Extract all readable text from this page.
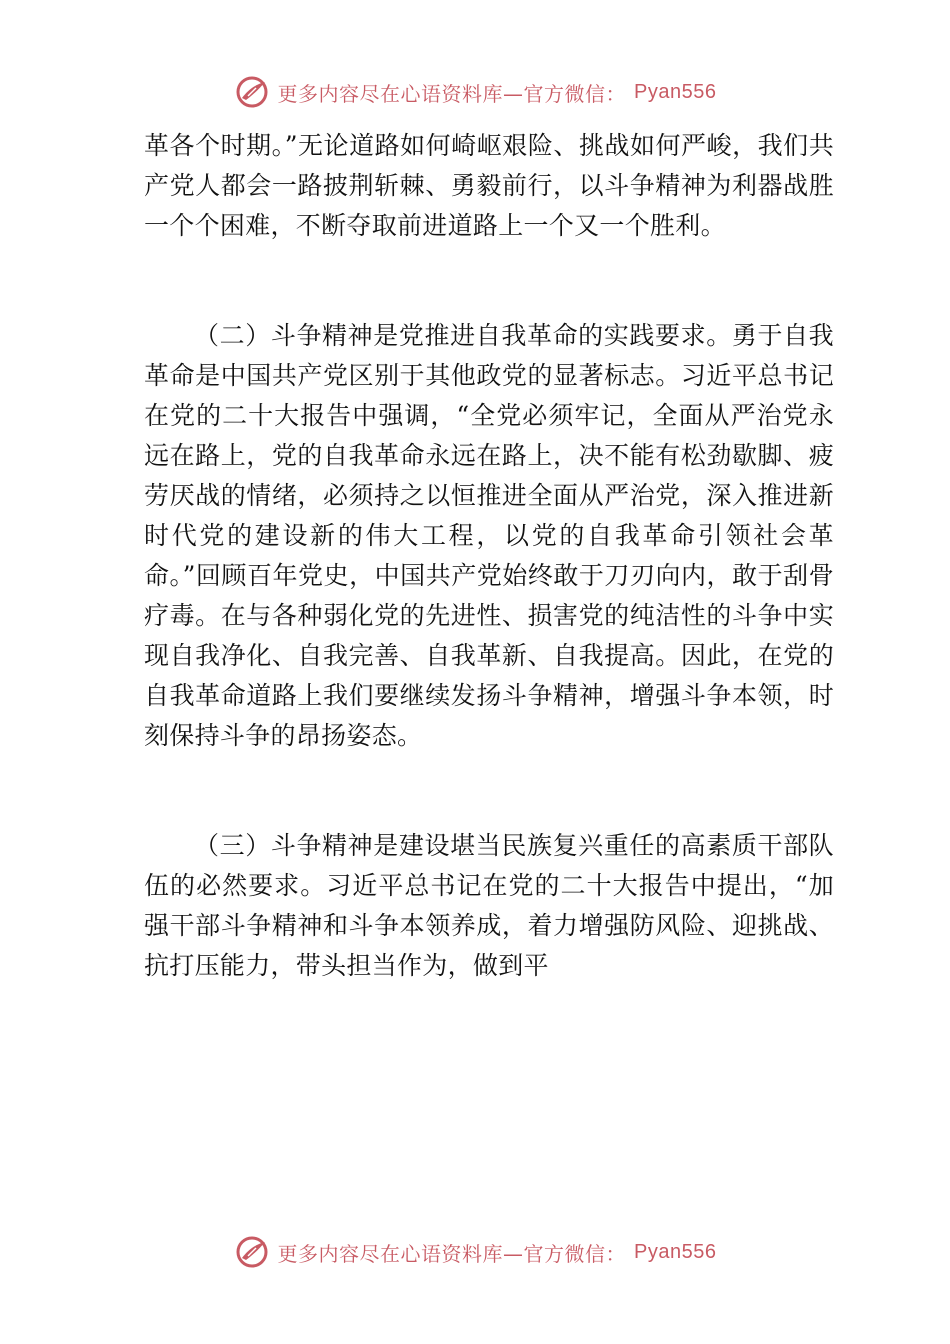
更多内容尽在心语资料库—官方微信： Pyan556

革各个时期。”无论道路如何崎岖艰险、挑战如何严峻，我们共产党人都会一路披荆斩棘、勇毅前行，以斗争精神为利器战胜一个个困难，不断夺取前进道路上一个又一个胜利。

（二）斗争精神是党推进自我革命的实践要求。勇于自我革命是中国共产党区别于其他政党的显著标志。习近平总书记在党的二十大报告中强调，“全党必须牢记，全面从严治党永远在路上，党的自我革命永远在路上，决不能有松劲歇脚、疲劳厌战的情绪，必须持之以恒推进全面从严治党，深入推进新时代党的建设新的伟大工程，以党的自我革命引领社会革命。”回顾百年党史，中国共产党始终敢于刀刃向内，敢于刮骨疗毒。在与各种弱化党的先进性、损害党的纯洁性的斗争中实现自我净化、自我完善、自我革新、自我提高。因此，在党的自我革命道路上我们要继续发扬斗争精神，增强斗争本领，时刻保持斗争的昂扬姿态。

（三）斗争精神是建设堪当民族复兴重任的高素质干部队伍的必然要求。习近平总书记在党的二十大报告中提出，“加强干部斗争精神和斗争本领养成，着力增强防风险、迎挑战、抗打压能力，带头担当作为，做到平

更多内容尽在心语资料库—官方微信： Pyan556
